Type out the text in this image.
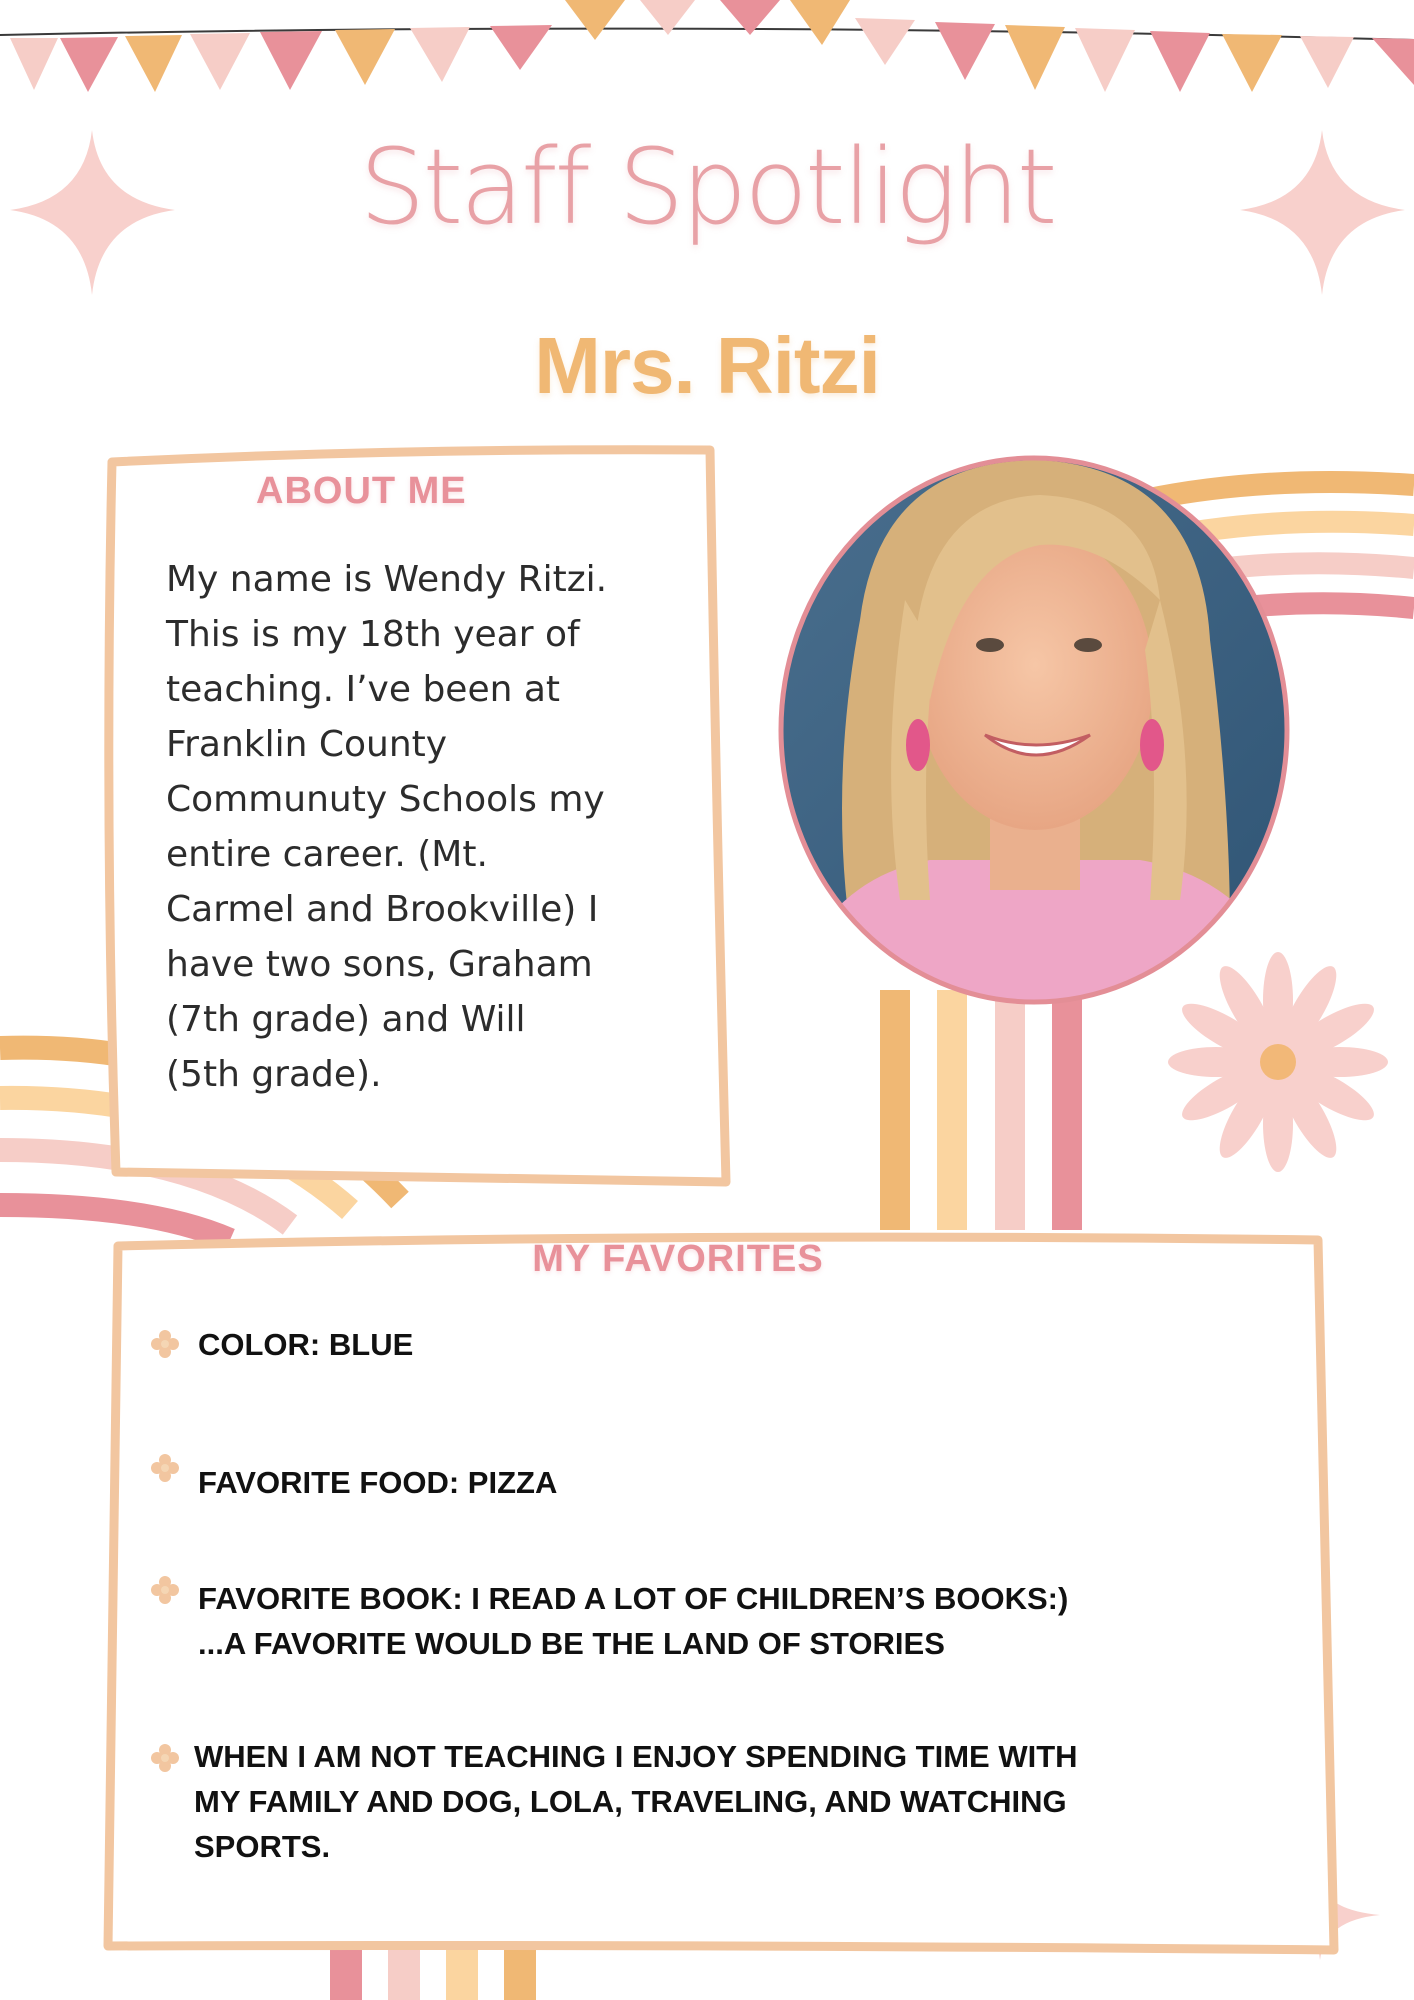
Staff Spotlight
Mrs. Ritzi
ABOUT ME
My name is Wendy Ritzi.
This is my 18th year of
teaching. I’ve been at
Franklin County
Communuty Schools my
entire career. (Mt.
Carmel and Brookville) I
have two sons, Graham
(7th grade) and Will
(5th grade).
MY FAVORITES
COLOR: BLUE
FAVORITE FOOD: PIZZA
FAVORITE BOOK: I READ A LOT OF CHILDREN’S BOOKS:)
...A FAVORITE WOULD BE THE LAND OF STORIES
WHEN I AM NOT TEACHING I ENJOY SPENDING TIME WITH
MY FAMILY AND DOG, LOLA, TRAVELING, AND WATCHING
SPORTS.
